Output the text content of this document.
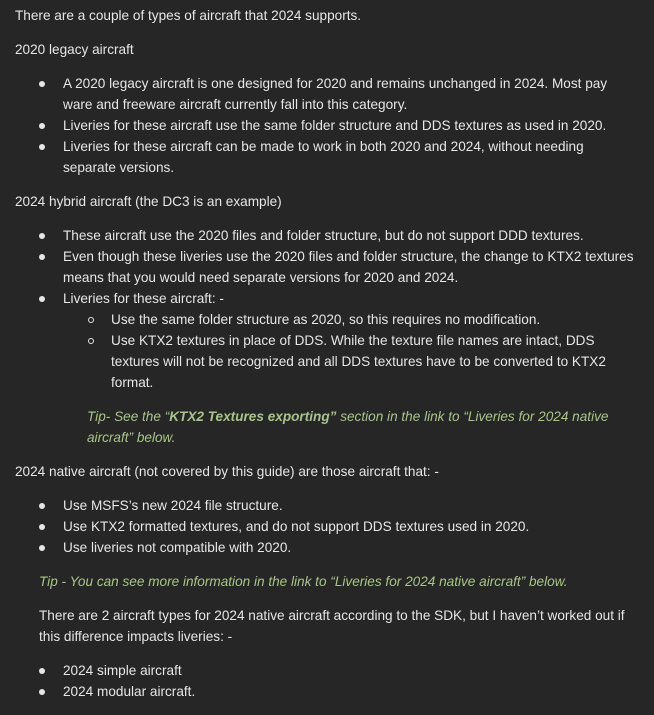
There are a couple of types of aircraft that 2024 supports.

2020 legacy aircraft

A 2020 legacy aircraft is one designed for 2020 and remains unchanged in 2024. Most pay ware and freeware aircraft currently fall into this category.
Liveries for these aircraft use the same folder structure and DDS textures as used in 2020.
Liveries for these aircraft can be made to work in both 2020 and 2024, without needing separate versions.

2024 hybrid aircraft (the DC3 is an example)

These aircraft use the 2020 files and folder structure, but do not support DDD textures.
Even though these liveries use the 2020 files and folder structure, the change to KTX2 textures means that you would need separate versions for 2020 and 2024.
Liveries for these aircraft: -
Use the same folder structure as 2020, so this requires no modification.
Use KTX2 textures in place of DDS. While the texture file names are intact, DDS textures will not be recognized and all DDS textures have to be converted to KTX2 format.

Tip- See the “KTX2 Textures exporting” section in the link to “Liveries for 2024 native aircraft” below.

2024 native aircraft (not covered by this guide) are those aircraft that: -

Use MSFS’s new 2024 file structure.
Use KTX2 formatted textures, and do not support DDS textures used in 2020.
Use liveries not compatible with 2020.

Tip - You can see more information in the link to “Liveries for 2024 native aircraft” below.

There are 2 aircraft types for 2024 native aircraft according to the SDK, but I haven’t worked out if this difference impacts liveries: -

2024 simple aircraft
2024 modular aircraft.
